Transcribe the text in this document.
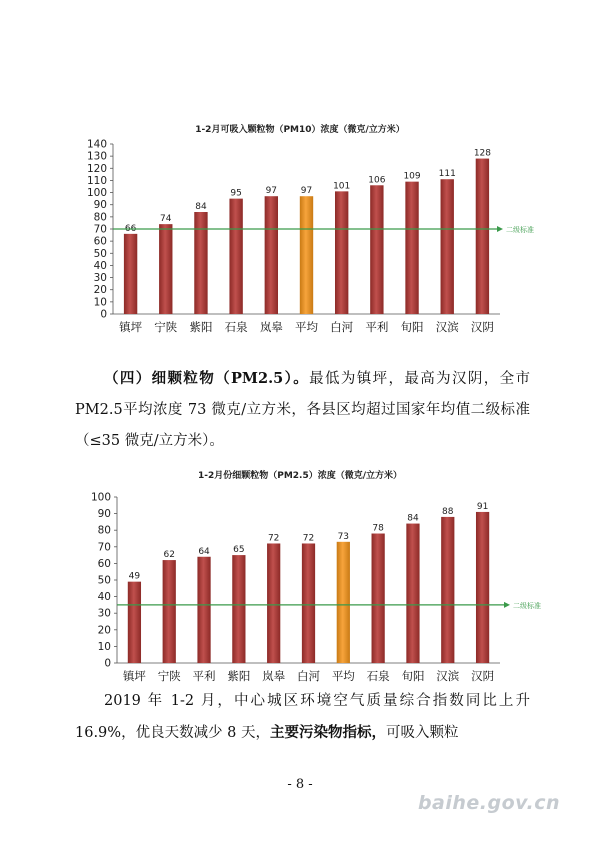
1-2月可吸入颗粒物（PM10）浓度（微克/立方米）
0
10
20
30
40
50
60
70
80
90
100
110
120
130
140
66
镇坪
74
宁陕
84
紫阳
95
石泉
97
岚皋
97
平均
101
白河
106
平利
109
旬阳
111
汉滨
128
汉阴
二级标准

（四）细颗粒物（PM2.5）。最低为镇坪，最高为汉阴，全市PM2.5平均浓度 73 微克/立方米，各县区均超过国家年均值二级标准（≤35 微克/立方米）。

1-2月份细颗粒物（PM2.5）浓度（微克/立方米）
0
10
20
30
40
50
60
70
80
90
100
49
镇坪
62
宁陕
64
平利
65
紫阳
72
岚皋
72
白河
73
平均
78
石泉
84
旬阳
88
汉滨
91
汉阴
二级标准

2019 年 1-2 月，中心城区环境空气质量综合指数同比上升 16.9%，优良天数减少 8 天，主要污染物指标，可吸入颗粒

- 8 -
baihe.gov.cn
